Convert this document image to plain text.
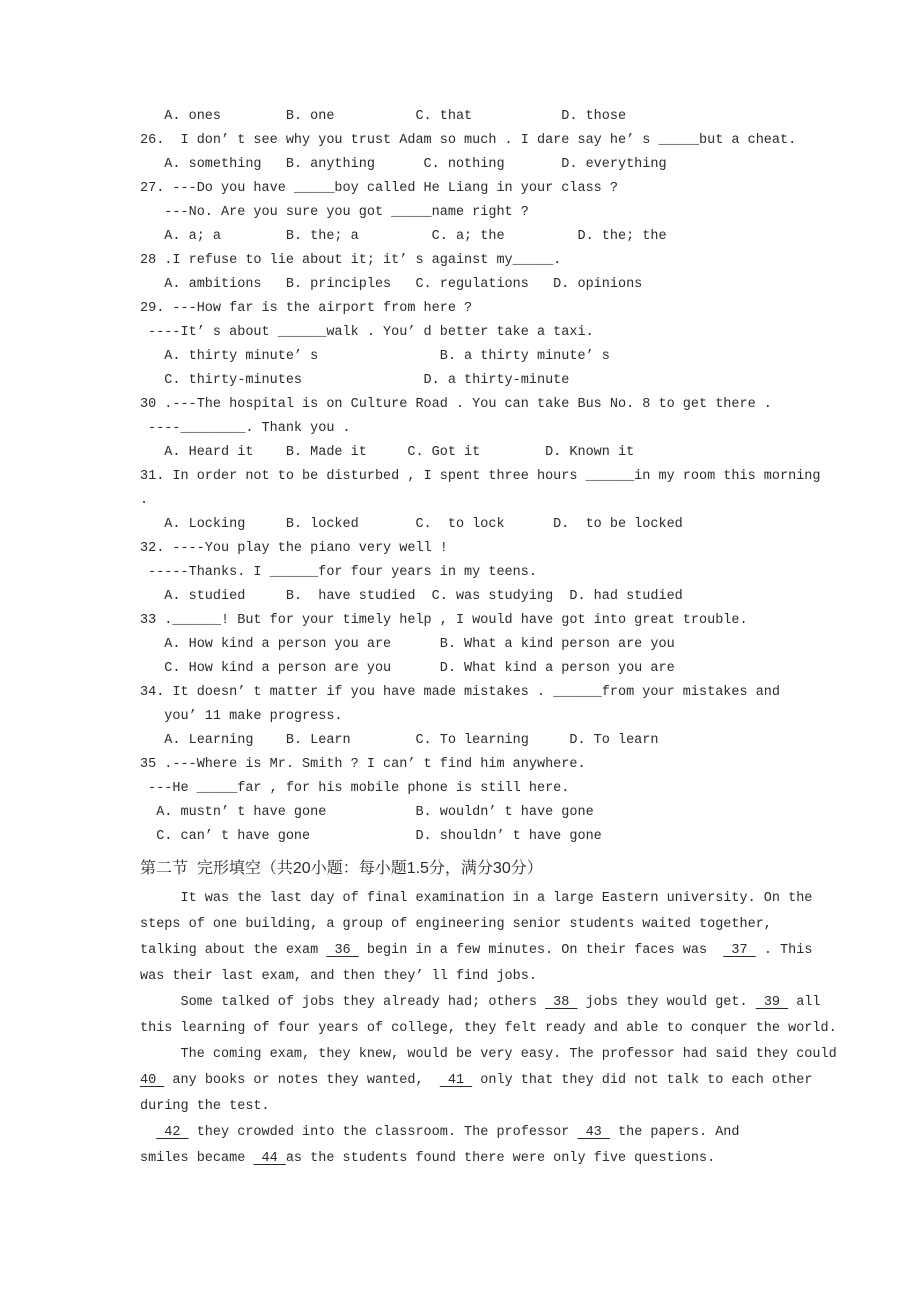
A. ones        B. one          C. that           D. those
26.  I don’ t see why you trust Adam so much . I dare say he’ s _____but a cheat.
A. something   B. anything      C. nothing       D. everything
27. ---Do you have _____boy called He Liang in your class ?
---No. Are you sure you got _____name right ?
A. a; a        B. the; a         C. a; the         D. the; the
28 .I refuse to lie about it; it’ s against my_____.
A. ambitions   B. principles   C. regulations   D. opinions
29. ---How far is the airport from here ?
----It’ s about ______walk . You’ d better take a taxi.
A. thirty minute’ s               B. a thirty minute’ s
C. thirty-minutes               D. a thirty-minute
30 .---The hospital is on Culture Road . You can take Bus No. 8 to get there .
----________. Thank you .
A. Heard it    B. Made it     C. Got it        D. Known it
31. In order not to be disturbed , I spent three hours ______in my room this morning
.
A. Locking     B. locked       C.  to lock      D.  to be locked
32. ----You play the piano very well !
-----Thanks. I ______for four years in my teens.
A. studied     B.  have studied  C. was studying  D. had studied
33 .______! But for your timely help , I would have got into great trouble.
A. How kind a person you are      B. What a kind person are you
C. How kind a person are you      D. What kind a person you are
34. It doesn’ t matter if you have made mistakes . ______from your mistakes and
you’ 11 make progress.
A. Learning    B. Learn        C. To learning     D. To learn
35 .---Where is Mr. Smith ? I can’ t find him anywhere.
---He _____far , for his mobile phone is still here.
A. mustn’ t have gone           B. wouldn’ t have gone
C. can’ t have gone             D. shouldn’ t have gone
第二节  完形填空（共20小题：每小题1.5分，满分30分）
It was the last day of final examination in a large Eastern university. On the
steps of one building, a group of engineering senior students waited together,
talking about the exam  36  begin in a few minutes. On their faces was   37  . This
was their last exam, and then they’ ll find jobs.
Some talked of jobs they already had; others  38  jobs they would get.  39  all
this learning of four years of college, they felt ready and able to conquer the world.
The coming exam, they knew, would be very easy. The professor had said they could
40  any books or notes they wanted,   41  only that they did not talk to each other
during the test.
42  they crowded into the classroom. The professor  43  the papers. And
smiles became  44 as the students found there were only five questions.
